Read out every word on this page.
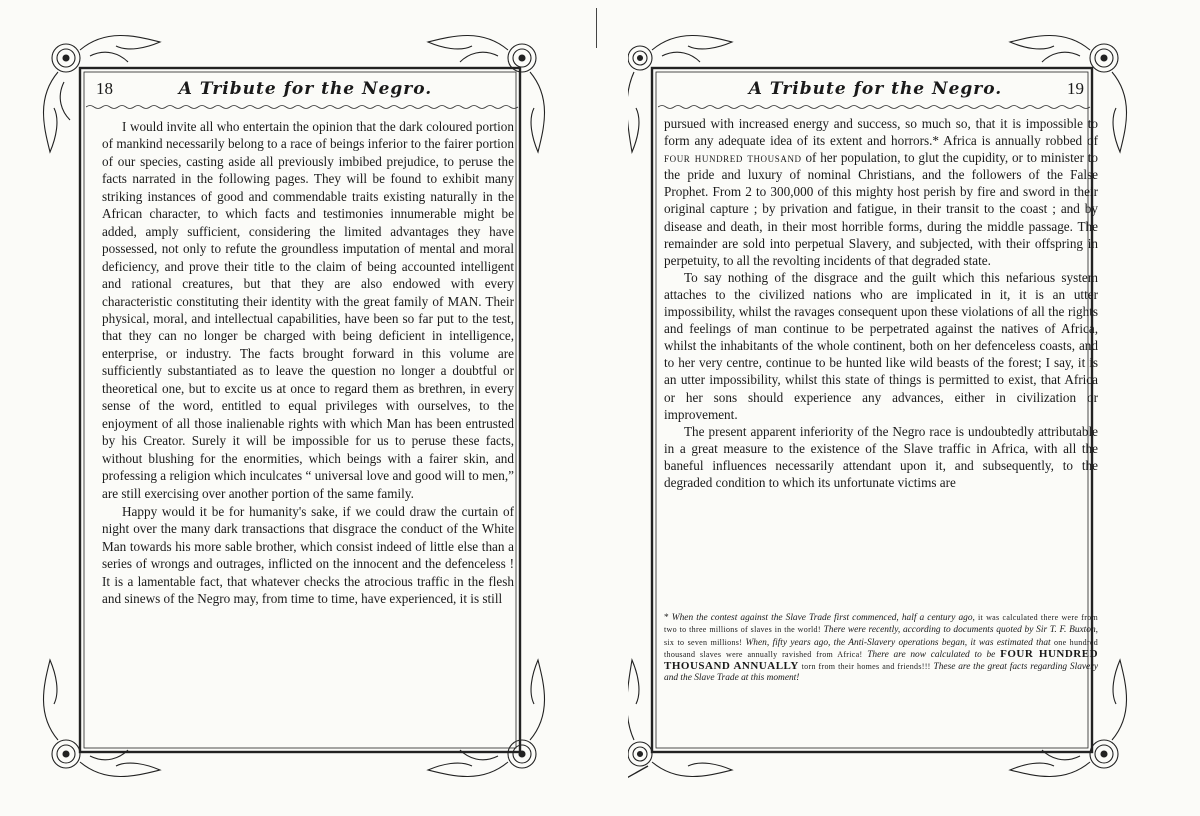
18	A Tribute for the Negro.

I would invite all who entertain the opinion that the dark coloured portion of mankind necessarily belong to a race of beings inferior to the fairer portion of our species, casting aside all previously imbibed prejudice, to peruse the facts narrated in the following pages. They will be found to exhibit many striking instances of good and commendable traits existing naturally in the African character, to which facts and testimonies innumerable might be added, amply sufficient, considering the limited advantages they have possessed, not only to refute the groundless imputation of mental and moral deficiency, and prove their title to the claim of being accounted intelligent and rational creatures, but that they are also endowed with every characteristic constituting their identity with the great family of MAN. Their physical, moral, and intellectual capabilities, have been so far put to the test, that they can no longer be charged with being deficient in intelligence, enterprise, or industry. The facts brought forward in this volume are sufficiently substantiated as to leave the question no longer a doubtful or theoretical one, but to excite us at once to regard them as brethren, in every sense of the word, entitled to equal privileges with ourselves, to the enjoyment of all those inalienable rights with which Man has been entrusted by his Creator. Surely it will be impossible for us to peruse these facts, without blushing for the enormities, which beings with a fairer skin, and professing a religion which inculcates “ universal love and good will to men,” are still exercising over another portion of the same family.

Happy would it be for humanity's sake, if we could draw the curtain of night over the many dark transactions that disgrace the conduct of the White Man towards his more sable brother, which consist indeed of little else than a series of wrongs and outrages, inflicted on the innocent and the defenceless ! It is a lamentable fact, that whatever checks the atrocious traffic in the flesh and sinews of the Negro may, from time to time, have experienced, it is still

A Tribute for the Negro.	19

pursued with increased energy and success, so much so, that it is impossible to form any adequate idea of its extent and horrors.* Africa is annually robbed of four hundred thousand of her population, to glut the cupidity, or to minister to the pride and luxury of nominal Christians, and the followers of the False Prophet. From 2 to 300,000 of this mighty host perish by fire and sword in their original capture ; by privation and fatigue, in their transit to the coast ; and by disease and death, in their most horrible forms, during the middle passage. The remainder are sold into perpetual Slavery, and subjected, with their offspring in perpetuity, to all the revolting incidents of that degraded state.

To say nothing of the disgrace and the guilt which this nefarious system attaches to the civilized nations who are implicated in it, it is an utter impossibility, whilst the ravages consequent upon these violations of all the rights and feelings of man continue to be perpetrated against the natives of Africa, whilst the inhabitants of the whole continent, both on her defenceless coasts, and to her very centre, continue to be hunted like wild beasts of the forest; I say, it is an utter impossibility, whilst this state of things is permitted to exist, that Africa or her sons should experience any advances, either in civilization or improvement.

The present apparent inferiority of the Negro race is undoubtedly attributable in a great measure to the existence of the Slave traffic in Africa, with all the baneful influences necessarily attendant upon it, and subsequently, to the degraded condition to which its unfortunate victims are

* When the contest against the Slave Trade first commenced, half a century ago, it was calculated there were from two to three millions of slaves in the world! There were recently, according to documents quoted by Sir T. F. Buxton, six to seven millions! When, fifty years ago, the Anti-Slavery operations began, it was estimated that one hundred thousand slaves were annually ravished from Africa! There are now calculated to be FOUR HUNDRED THOUSAND ANNUALLY torn from their homes and friends!!! These are the great facts regarding Slavery and the Slave Trade at this moment!
